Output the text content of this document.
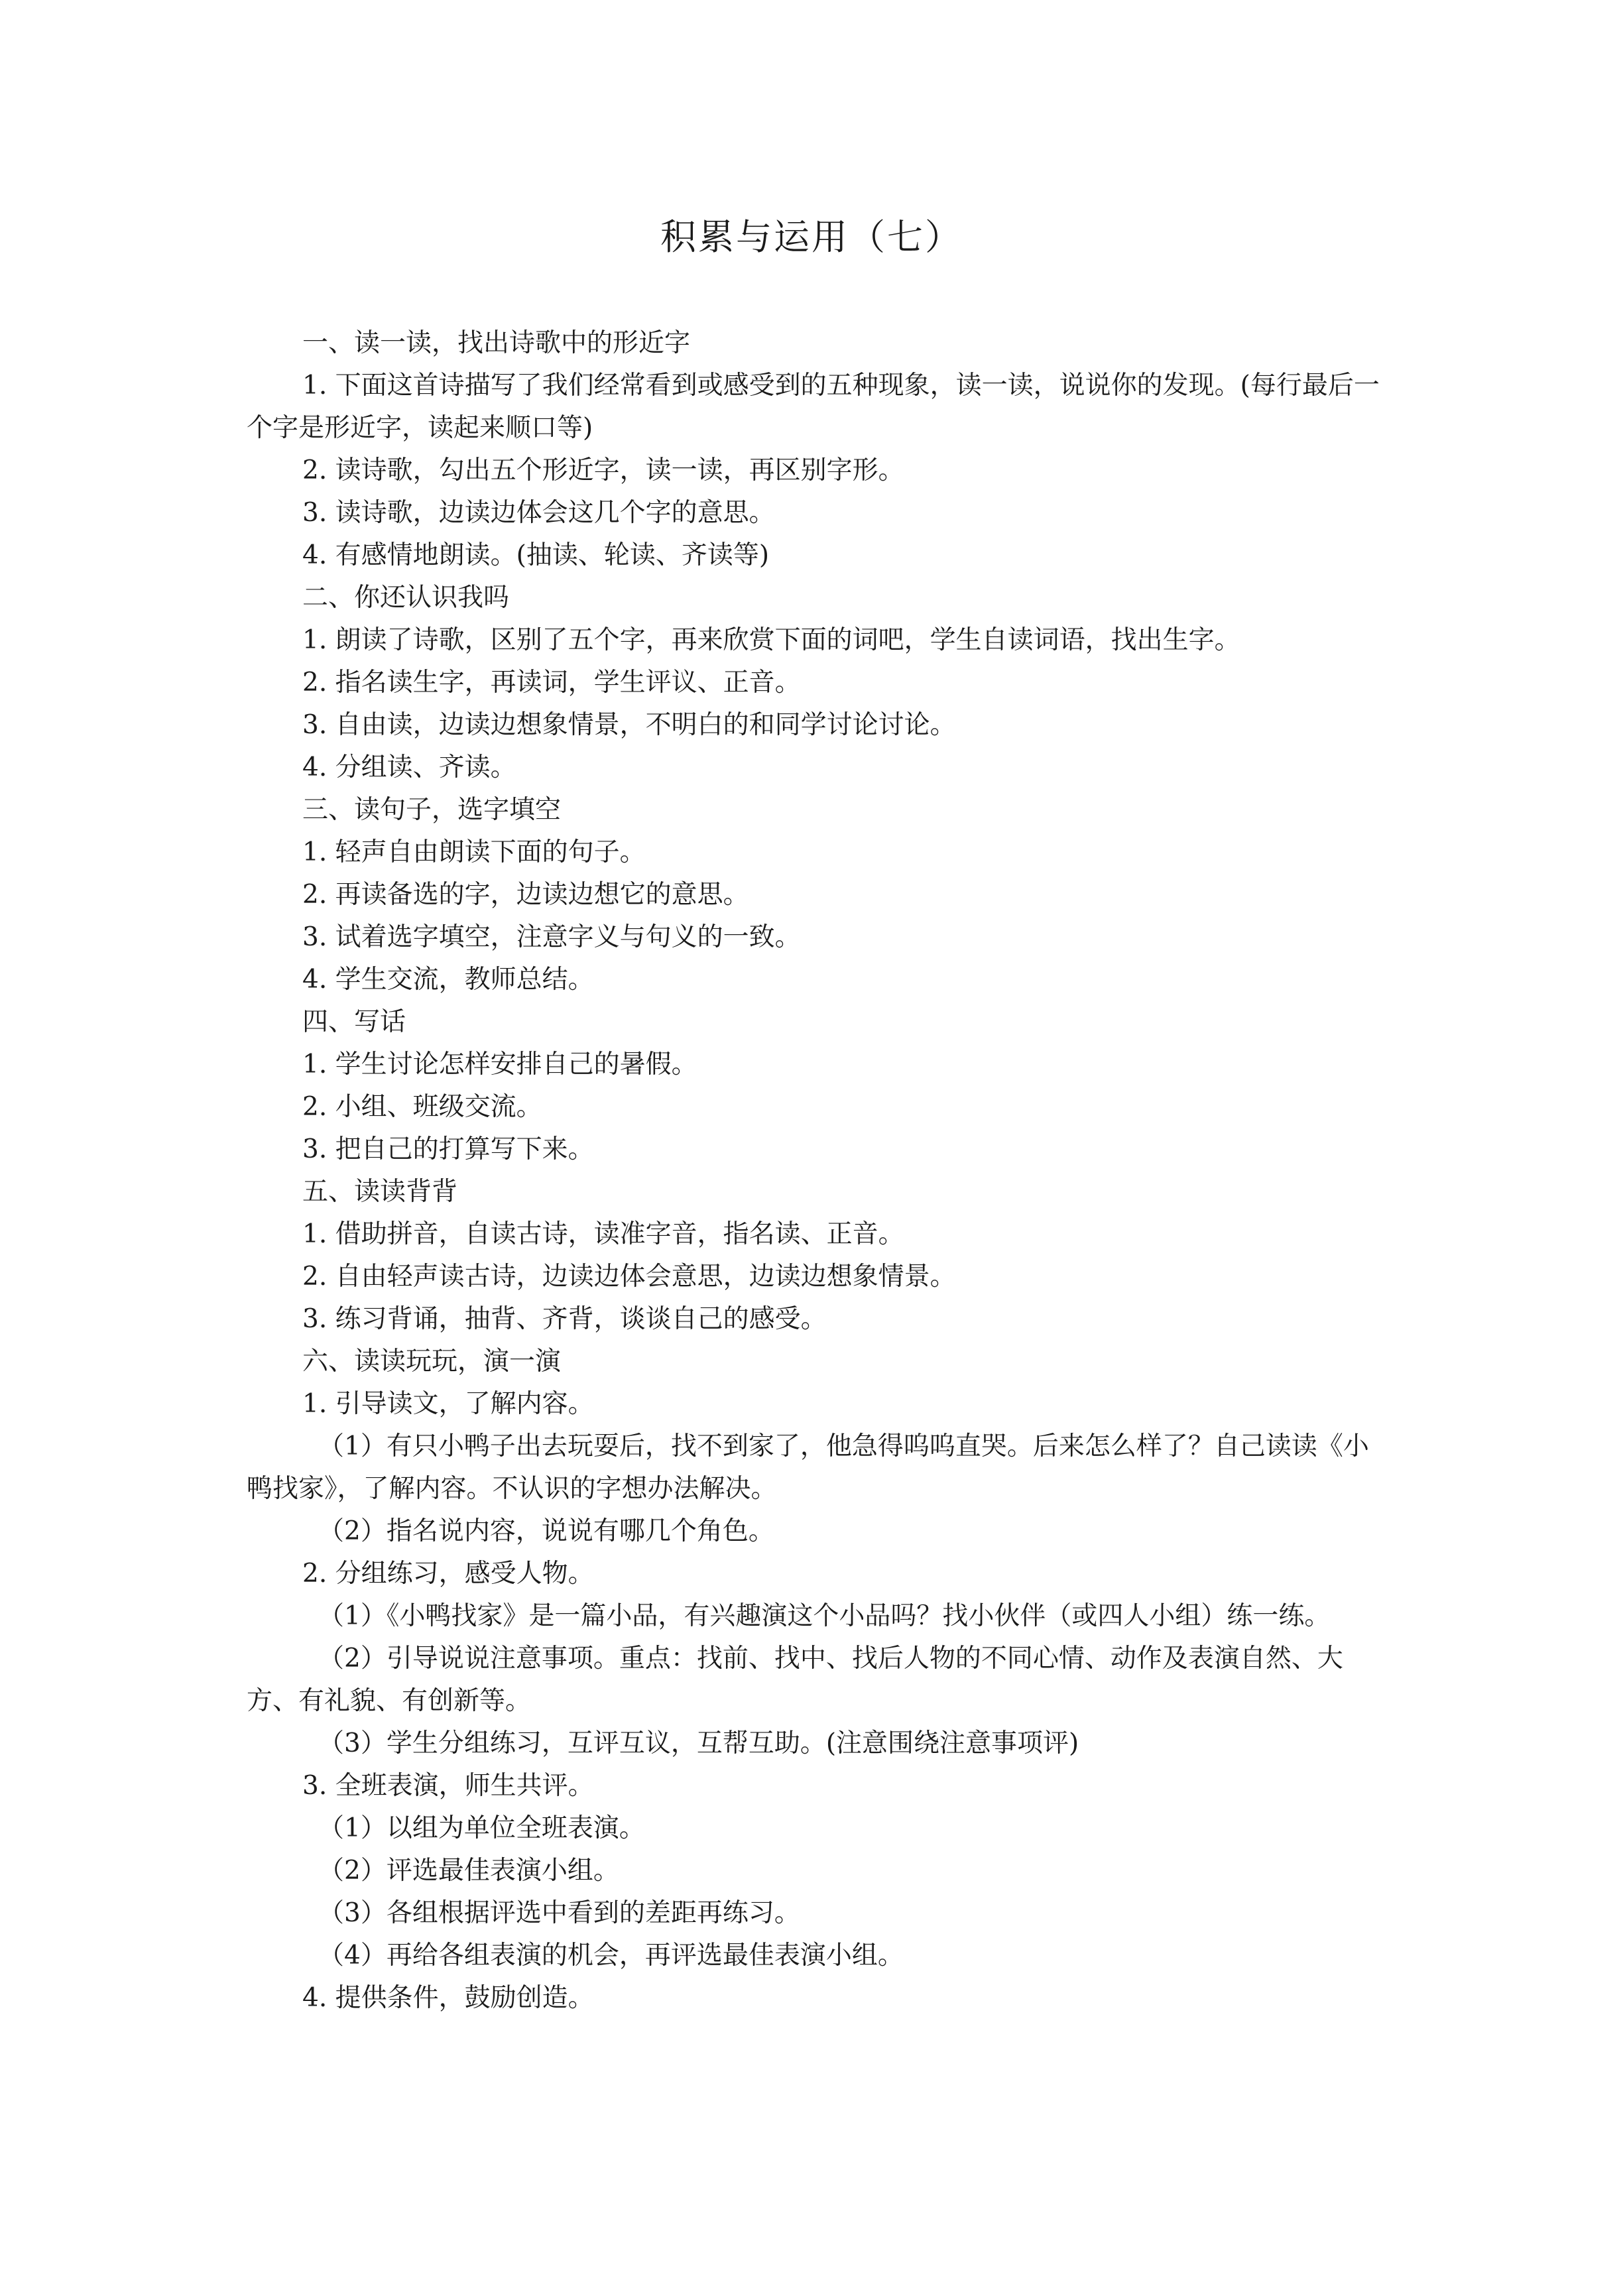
积累与运用（七）

一、读一读，找出诗歌中的形近字

1. 下面这首诗描写了我们经常看到或感受到的五种现象，读一读，说说你的发现。(每行最后一个字是形近字，读起来顺口等)

2. 读诗歌，勾出五个形近字，读一读，再区别字形。

3. 读诗歌，边读边体会这几个字的意思。

4. 有感情地朗读。(抽读、轮读、齐读等)

二、你还认识我吗

1. 朗读了诗歌，区别了五个字，再来欣赏下面的词吧，学生自读词语，找出生字。

2. 指名读生字，再读词，学生评议、正音。

3. 自由读，边读边想象情景，不明白的和同学讨论讨论。

4. 分组读、齐读。

三、读句子，选字填空

1. 轻声自由朗读下面的句子。

2. 再读备选的字，边读边想它的意思。

3. 试着选字填空，注意字义与句义的一致。

4. 学生交流，教师总结。

四、写话

1. 学生讨论怎样安排自己的暑假。

2. 小组、班级交流。

3. 把自己的打算写下来。

五、读读背背

1. 借助拼音，自读古诗，读准字音，指名读、正音。

2. 自由轻声读古诗，边读边体会意思，边读边想象情景。

3. 练习背诵，抽背、齐背，谈谈自己的感受。

六、读读玩玩，演一演

1. 引导读文，了解内容。

（1）有只小鸭子出去玩耍后，找不到家了，他急得呜呜直哭。后来怎么样了？自己读读《小鸭找家》，了解内容。不认识的字想办法解决。

（2）指名说内容，说说有哪几个角色。

2. 分组练习，感受人物。

（1）《小鸭找家》是一篇小品，有兴趣演这个小品吗？找小伙伴（或四人小组）练一练。

（2）引导说说注意事项。重点：找前、找中、找后人物的不同心情、动作及表演自然、大方、有礼貌、有创新等。

（3）学生分组练习，互评互议，互帮互助。(注意围绕注意事项评)

3. 全班表演，师生共评。

（1）以组为单位全班表演。

（2）评选最佳表演小组。

（3）各组根据评选中看到的差距再练习。

（4）再给各组表演的机会，再评选最佳表演小组。

4. 提供条件，鼓励创造。
